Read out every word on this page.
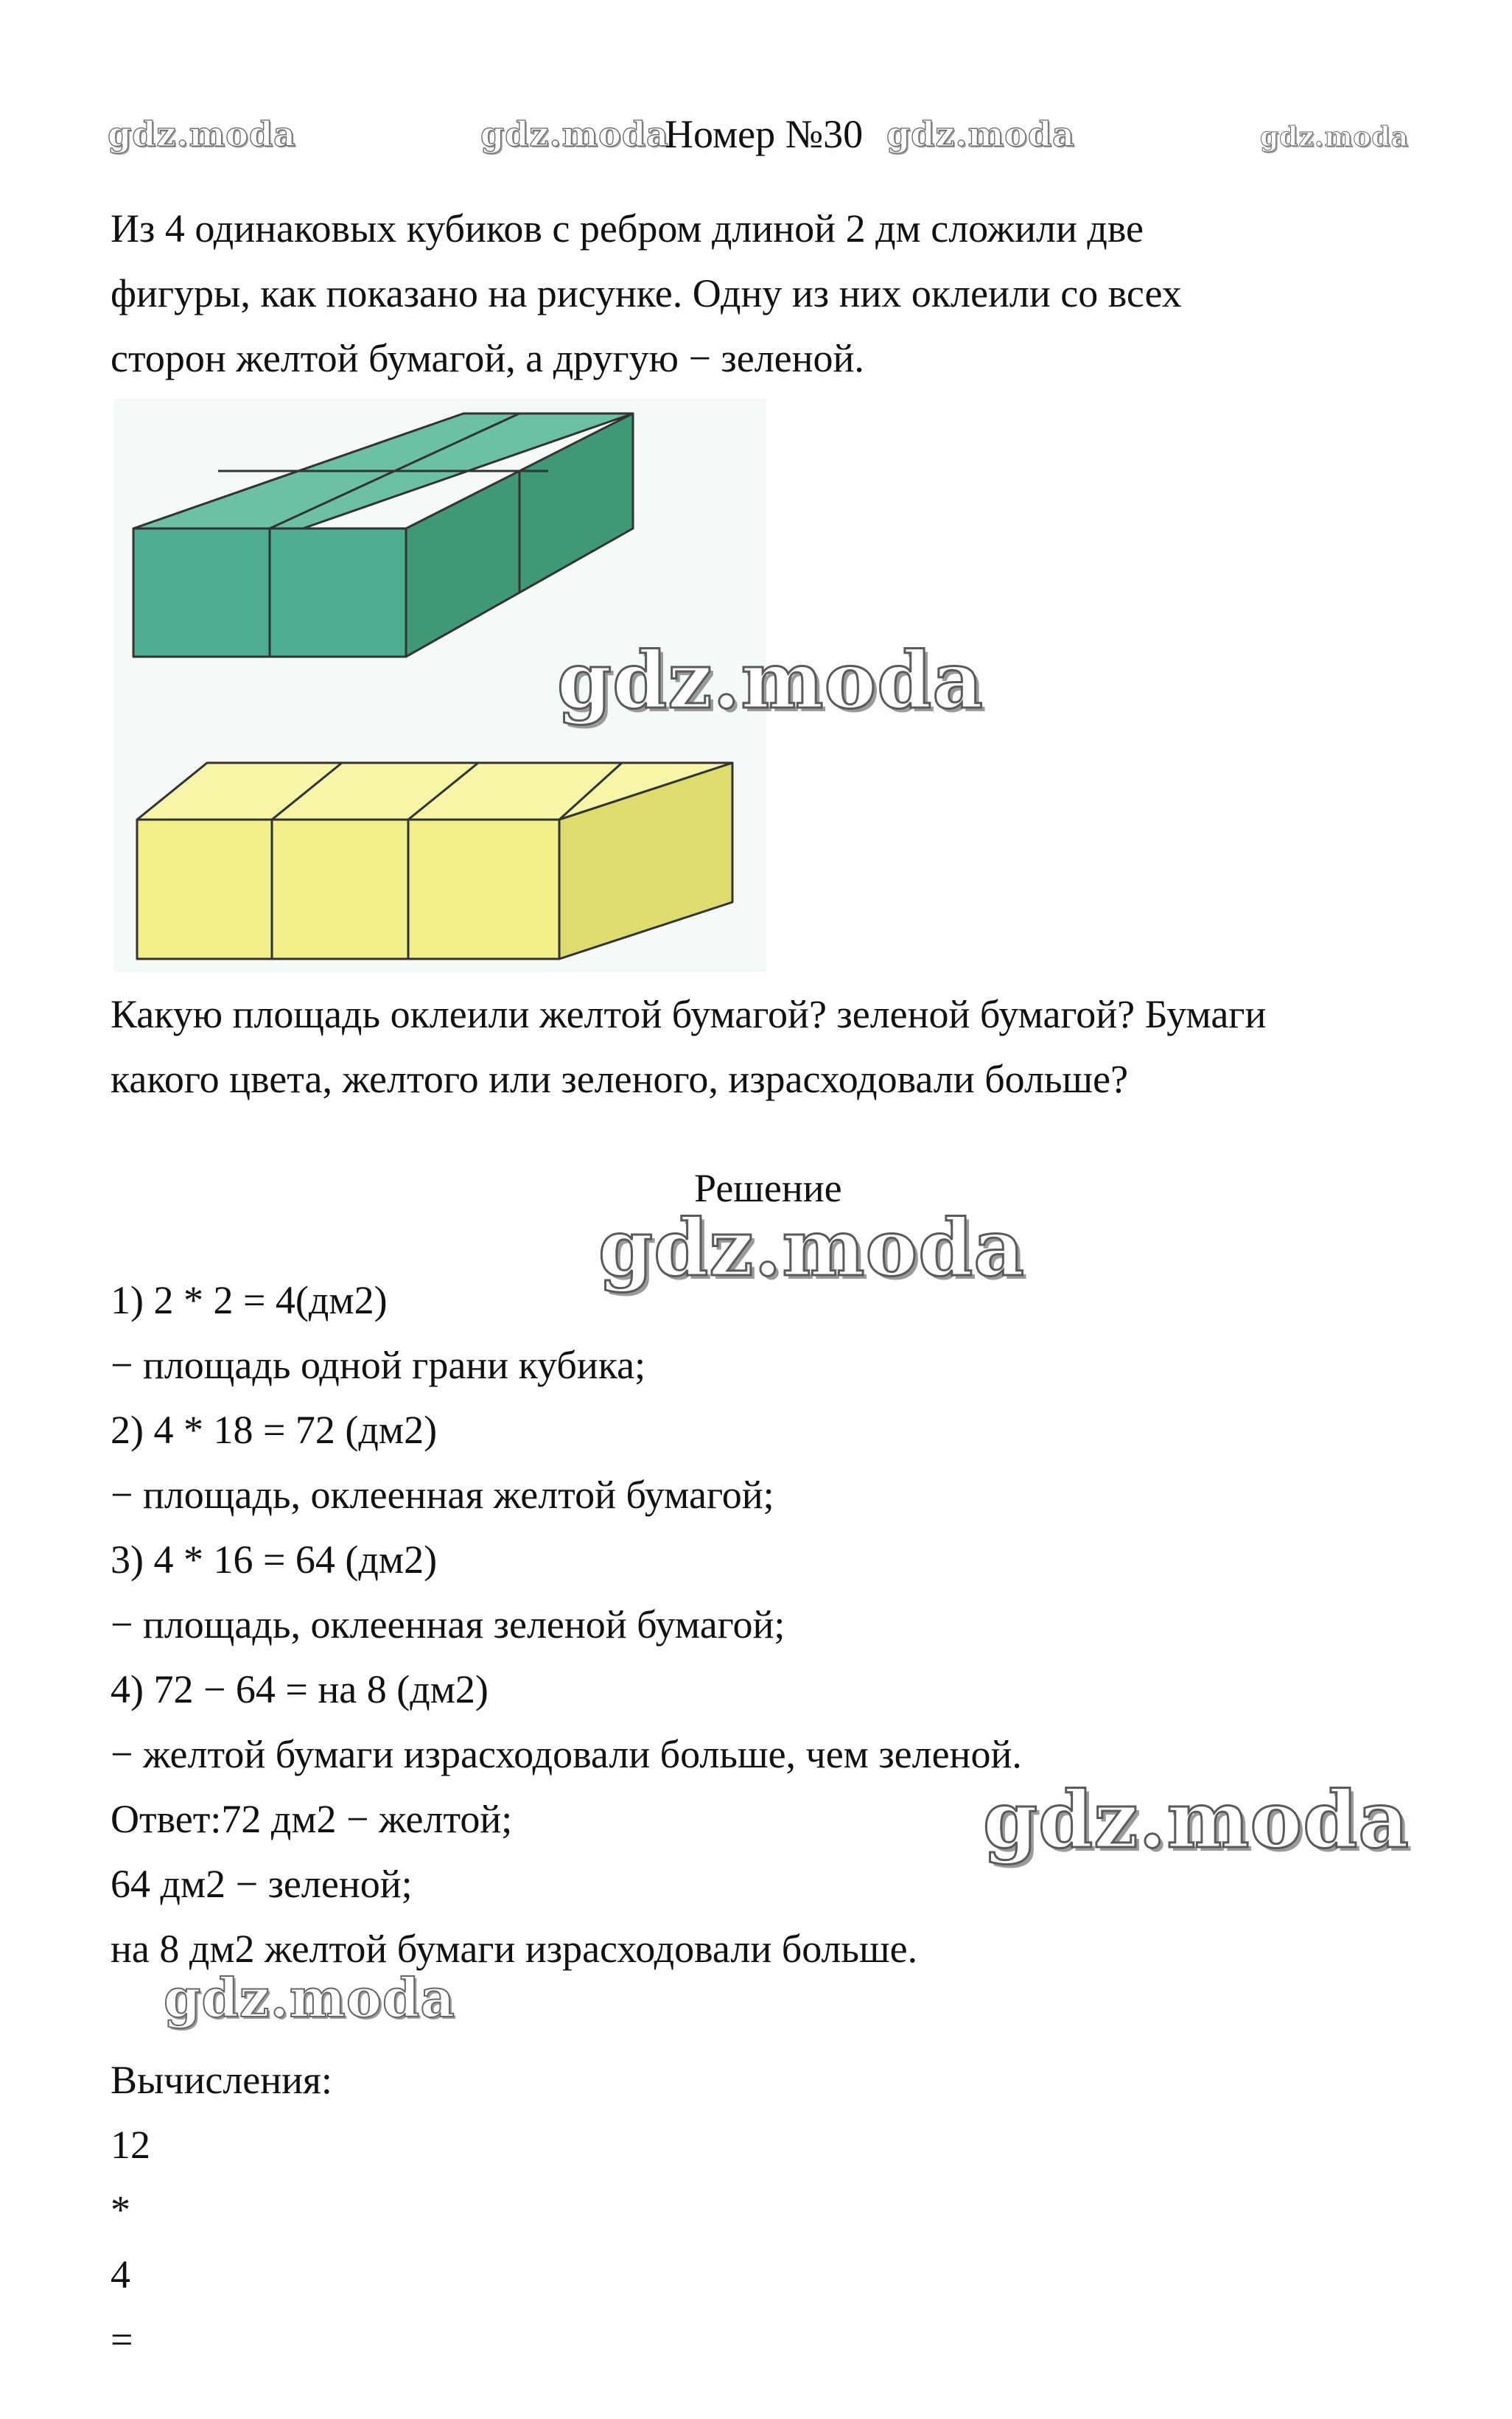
gdz.moda	gdz.moda
Номер №30 gdz.moda	gdz.moda
Из 4 одинаковых кубиков с ребром длиной 2 дм сложили две
фигуры, как показано на рисунке. Одну из них оклеили со всех
сторон желтой бумагой, а другую − зеленой.
gdz.moda
Какую площадь оклеили желтой бумагой? зеленой бумагой? Бумаги
какого цвета, желтого или зеленого, израсходовали больше?
Решение
gdz.moda
1) 2 * 2 = 4(дм2)
− площадь одной грани кубика;
2) 4 * 18 = 72 (дм2)
− площадь, оклеенная желтой бумагой;
3) 4 * 16 = 64 (дм2)
− площадь, оклеенная зеленой бумагой;
4) 72 − 64 = на 8 (дм2)
− желтой бумаги израсходовали больше, чем зеленой.
Ответ:72 дм2 − желтой;	gdz.moda
64 дм2 − зеленой;
на 8 дм2 желтой бумаги израсходовали больше.
gdz.moda
Вычисления:
12
*
4
=
